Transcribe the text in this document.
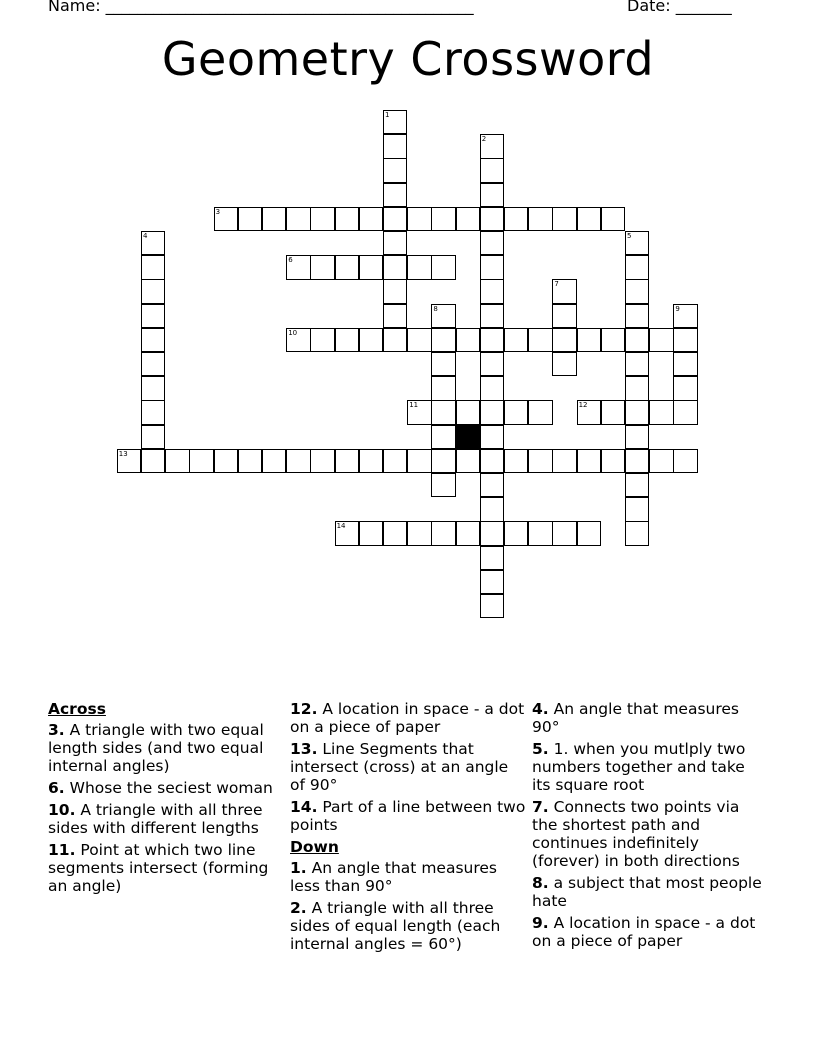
Name: ______________________________________________	Date: _______
Geometry Crossword
1
2
3
4	5
6
7
8	9
10
11	12
13
14
Across
3. A triangle with two equal length sides (and two equal internal angles)
6. Whose the seciest woman
10. A triangle with all three sides with different lengths
11. Point at which two line segments intersect (forming an angle)
12. A location in space - a dot on a piece of paper
13. Line Segments that intersect (cross) at an angle of 90°
14. Part of a line between two points
Down
1. An angle that measures less than 90°
2. A triangle with all three sides of equal length (each internal angles = 60°)
4. An angle that measures 90°
5. 1. when you mutlply two numbers together and take its square root
7. Connects two points via the shortest path and continues indefinitely (forever) in both directions
8. a subject that most people hate
9. A location in space - a dot on a piece of paper
